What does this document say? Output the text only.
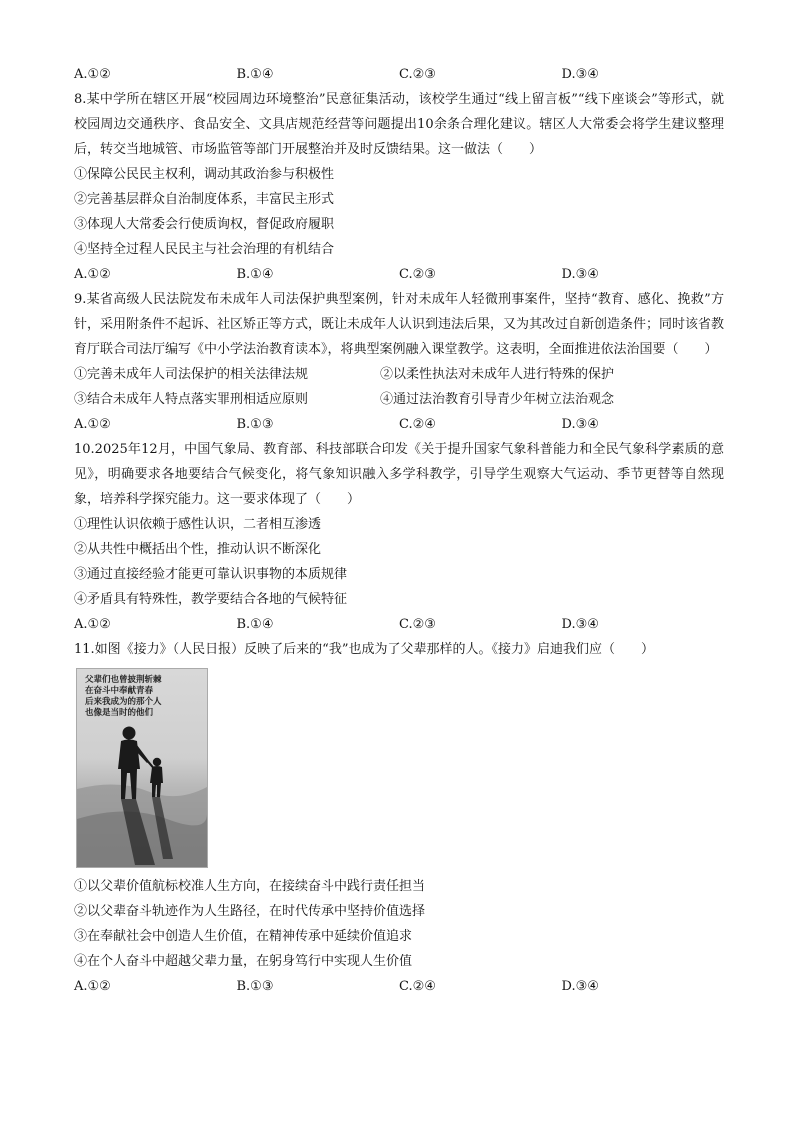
A.①②	B.①④	C.②③	D.③④
8.某中学所在辖区开展“校园周边环境整治”民意征集活动，该校学生通过“线上留言板”“线下座谈会”等形式，就校园周边交通秩序、食品安全、文具店规范经营等问题提出10余条合理化建议。辖区人大常委会将学生建议整理后，转交当地城管、市场监管等部门开展整治并及时反馈结果。这一做法（　　）
①保障公民民主权利，调动其政治参与积极性
②完善基层群众自治制度体系，丰富民主形式
③体现人大常委会行使质询权，督促政府履职
④坚持全过程人民民主与社会治理的有机结合
A.①②	B.①④	C.②③	D.③④
9.某省高级人民法院发布未成年人司法保护典型案例，针对未成年人轻微刑事案件，坚持“教育、感化、挽救”方针，采用附条件不起诉、社区矫正等方式，既让未成年人认识到违法后果，又为其改过自新创造条件；同时该省教育厅联合司法厅编写《中小学法治教育读本》，将典型案例融入课堂教学。这表明，全面推进依法治国要（　　）
①完善未成年人司法保护的相关法律法规	②以柔性执法对未成年人进行特殊的保护
③结合未成年人特点落实罪刑相适应原则	④通过法治教育引导青少年树立法治观念
A.①②	B.①③	C.②④	D.③④
10.2025年12月，中国气象局、教育部、科技部联合印发《关于提升国家气象科普能力和全民气象科学素质的意见》，明确要求各地要结合气候变化，将气象知识融入多学科教学，引导学生观察大气运动、季节更替等自然现象，培养科学探究能力。这一要求体现了（　　）
①理性认识依赖于感性认识，二者相互渗透
②从共性中概括出个性，推动认识不断深化
③通过直接经验才能更可靠认识事物的本质规律
④矛盾具有特殊性，教学要结合各地的气候特征
A.①②	B.①④	C.②③	D.③④
11.如图《接力》（人民日报）反映了后来的“我”也成为了父辈那样的人。《接力》启迪我们应（　　）
父辈们也曾披荆斩棘
在奋斗中奉献青春
后来我成为的那个人
也像是当时的他们
①以父辈价值航标校准人生方向，在接续奋斗中践行责任担当
②以父辈奋斗轨迹作为人生路径，在时代传承中坚持价值选择
③在奉献社会中创造人生价值，在精神传承中延续价值追求
④在个人奋斗中超越父辈力量，在躬身笃行中实现人生价值
A.①②	B.①③	C.②④	D.③④
